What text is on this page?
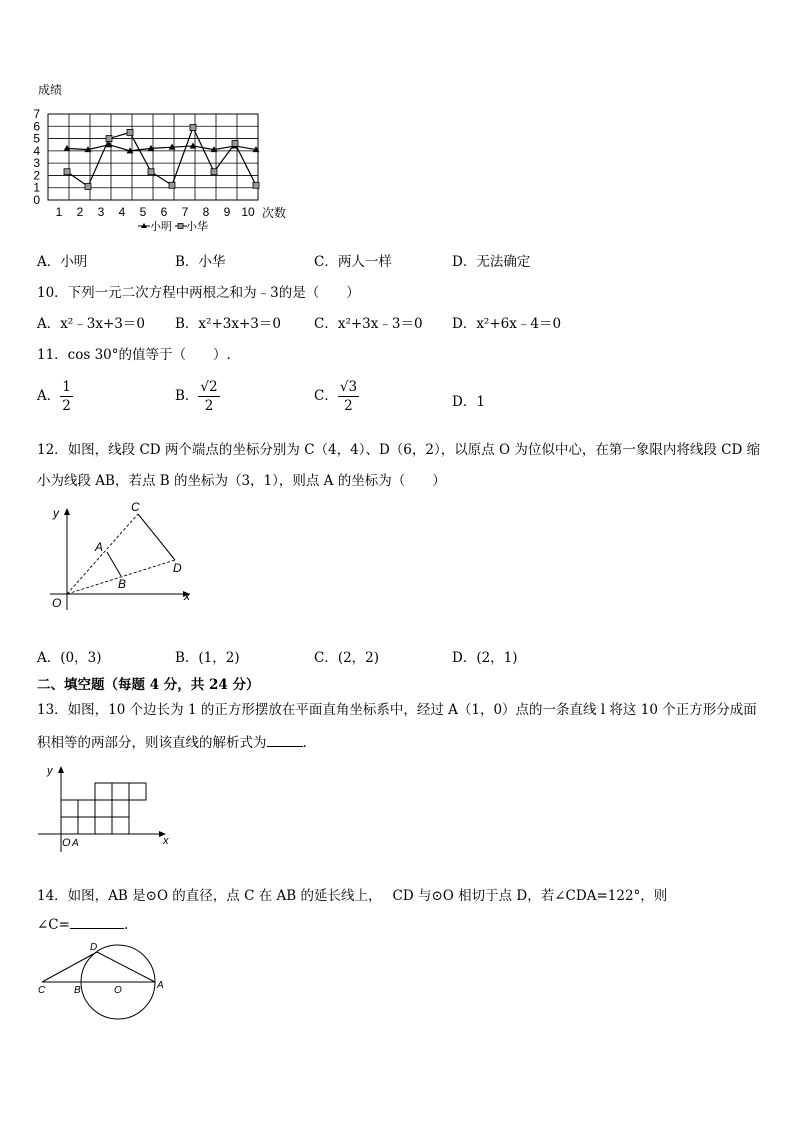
成绩
0
1
2
3
4
5
6
7
1 2 3 4 5 6 7 8 9 10 次数
小明 小华
A．小明	B．小华	C．两人一样	D．无法确定
10．下列一元二次方程中两根之和为﹣3的是（　　）
A．x²﹣3x+3＝0 B．x²+3x+3＝0 C．x²+3x﹣3＝0 D．x²+6x﹣4＝0
11．cos 30°的值等于（　　）.
A． $\frac{1}{2}$	B． $\frac{√2}{2}$	C． $\frac{√3}{2}$	D．1
12．如图，线段 CD 两个端点的坐标分别为 C（4，4）、D（6，2），以原点 O 为位似中心，在第一象限内将线段 CD 缩
小为线段 AB，若点 B 的坐标为（3，1），则点 A 的坐标为（　　）
y
x
O
C
D
A
B
A．(0，3)	B．(1，2)	C．(2，2)	D．(2，1)
二、填空题（每题 4 分，共 24 分）
13．如图，10 个边长为 1 的正方形摆放在平面直角坐标系中，经过 A（1，0）点的一条直线 l 将这 10 个正方形分成面
积相等的两部分，则该直线的解析式为	.
y
x
O A
14．如图，AB 是⊙O 的直径，点 C 在 AB 的延长线上，　 CD 与⊙O 相切于点 D，若∠CDA=122°，则
∠C=	.
D
C	B	O	A
